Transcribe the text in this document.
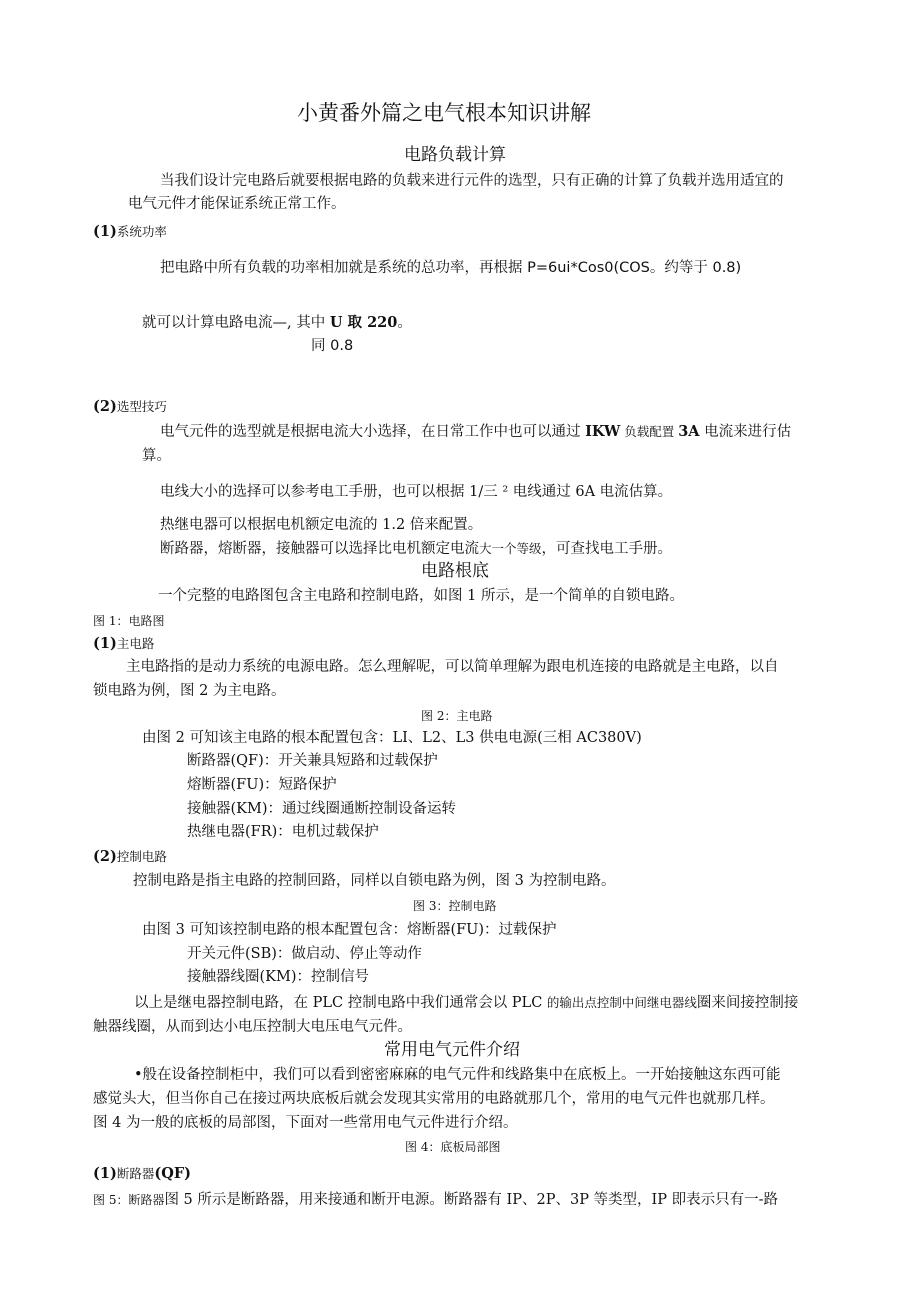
小黄番外篇之电气根本知识讲解
电路负载计算
当我们设计完电路后就要根据电路的负载来进行元件的选型，只有正确的计算了负载并选用适宜的
电气元件才能保证系统正常工作。
(1)系统功率
把电路中所有负载的功率相加就是系统的总功率，再根据 P=6ui*Cos0(COS。约等于 0.8)
就可以计算电路电流—, 其中 U 取 220。
同 0.8
(2)选型技巧
电气元件的选型就是根据电流大小选择，在日常工作中也可以通过 IKW 负载配置 3A 电流来进行估
算。
电线大小的选择可以参考电工手册，也可以根据 1∕三 ² 电线通过 6A 电流估算。
热继电器可以根据电机额定电流的 1.2 倍来配置。
断路器，熔断器，接触器可以选择比电机额定电流大一个等级，可查找电工手册。
电路根底
一个完整的电路图包含主电路和控制电路，如图 1 所示，是一个简单的自锁电路。
图 1：电路图
(1)主电路
主电路指的是动力系统的电源电路。怎么理解呢，可以简单理解为跟电机连接的电路就是主电路，以自
锁电路为例，图 2 为主电路。
图 2：主电路
由图 2 可知该主电路的根本配置包含：LI、L2、L3 供电电源(三相 AC380V)
断路器(QF)：开关兼具短路和过载保护
熔断器(FU)：短路保护
接触器(KM)：通过线圈通断控制设备运转
热继电器(FR)：电机过载保护
(2)控制电路
控制电路是指主电路的控制回路，同样以自锁电路为例，图 3 为控制电路。
图 3：控制电路
由图 3 可知该控制电路的根本配置包含：熔断器(FU)：过载保护
开关元件(SB)：做启动、停止等动作
接触器线圈(KM)：控制信号
以上是继电器控制电路，在 PLC 控制电路中我们通常会以 PLC 的输出点控制中间继电器线圈来间接控制接
触器线圈，从而到达小电压控制大电压电气元件。
常用电气元件介绍
•般在设备控制柜中，我们可以看到密密麻麻的电气元件和线路集中在底板上。一开始接触这东西可能
感觉头大，但当你自己在接过两块底板后就会发现其实常用的电路就那几个，常用的电气元件也就那几样。
图 4 为一般的底板的局部图，下面对一些常用电气元件进行介绍。
图 4：底板局部图
(1)断路器(QF)
图 5：断路器图 5 所示是断路器，用来接通和断开电源。断路器有 IP、2P、3P 等类型，IP 即表示只有一-路
